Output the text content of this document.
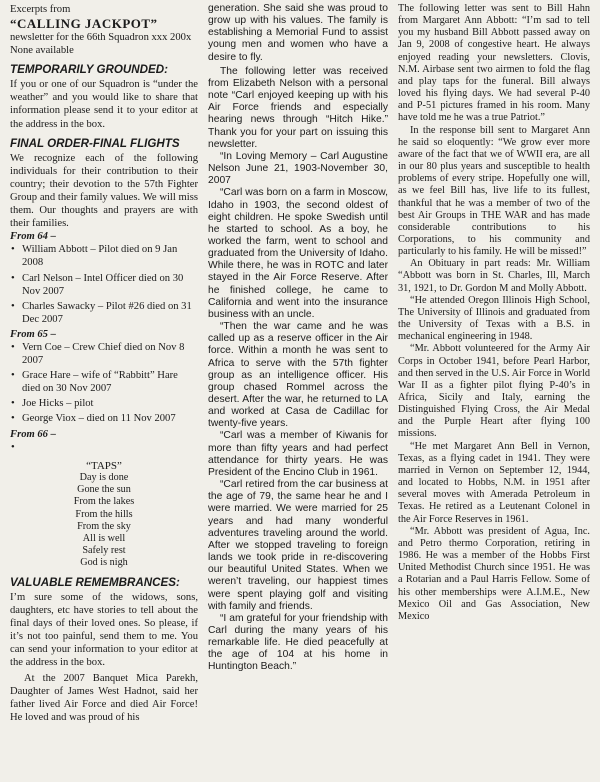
Excerpts from

“CALLING JACKPOT”

newsletter for the 66th Squadron xxx 200x

None available

TEMPORARILY GROUNDED:

If you or one of our Squadron is “under the weather” and you would like to share that information please send it to your editor at the address in the box.

FINAL ORDER-FINAL FLIGHTS

We recognize each of the following individuals for their contribution to their country; their devotion to the 57th Fighter Group and their family values. We will miss them. Our thoughts and prayers are with their families.

From 64 –

• William Abbott – Pilot died on 9 Jan 2008
• Carl Nelson – Intel Officer died on 30 Nov 2007
• Charles Sawacky – Pilot #26 died on 31 Dec 2007

From 65 –

• Vern Coe – Crew Chief died on Nov 8 2007
• Grace Hare – wife of “Rabbitt” Hare died on 30 Nov 2007
• Joe Hicks – pilot
• George Viox – died on 11 Nov 2007

From 66 –

•
“TAPS”
Day is done
Gone the sun
From the lakes
From the hills
From the sky
All is well
Safely rest
God is nigh
VALUABLE REMEMBRANCES:

I’m sure some of the widows, sons, daughters, etc have stories to tell about the final days of their loved ones. So please, if it’s not too painful, send them to me. You can send your information to your editor at the address in the box.

At the 2007 Banquet Mica Parekh, Daughter of James West Hadnot, said her father lived Air Force and died Air Force! He loved and was proud of his

generation. She said she was proud to grow up with his values. The family is establishing a Memorial Fund to assist young men and women who have a desire to fly.

The following letter was received from Elizabeth Nelson with a personal note “Carl enjoyed keeping up with his Air Force friends and especially hearing news through “Hitch Hike.” Thank you for your part on issuing this newsletter.

“In Loving Memory – Carl Augustine Nelson June 21, 1903-November 30, 2007

“Carl was born on a farm in Moscow, Idaho in 1903, the second oldest of eight children. He spoke Swedish until he started to school. As a boy, he worked the farm, went to school and graduated from the University of Idaho. While there, he was in ROTC and later stayed in the Air Force Reserve. After he finished college, he came to California and went into the insurance business with an uncle.

“Then the war came and he was called up as a reserve officer in the Air force. Within a month he was sent to Africa to serve with the 57th fighter group as an intelligence officer. His group chased Rommel across the desert. After the war, he returned to LA and worked at Casa de Cadillac for twenty-five years.

“Carl was a member of Kiwanis for more than fifty years and had perfect attendance for thirty years. He was President of the Encino Club in 1961.

“Carl retired from the car business at the age of 79, the same hear he and I were married. We were married for 25 years and had many wonderful adventures traveling around the world. After we stopped traveling to foreign lands we took pride in re-discovering our beautiful United States. When we weren’t traveling, our happiest times were spent playing golf and visiting with family and friends.

“I am grateful for your friendship with Carl during the many years of his remarkable life. He died peacefully at the age of 104 at his home in Huntington Beach.”

The following letter was sent to Bill Hahn from Margaret Ann Abbott: “I’m sad to tell you my husband Bill Abbott passed away on Jan 9, 2008 of congestive heart. He always enjoyed reading your newsletters. Clovis, N.M. Airbase sent two airmen to fold the flag and play taps for the funeral. Bill always loved his flying days. We had several P-40 and P-51 pictures framed in his room. Many have told me he was a true Patriot.”

In the response bill sent to Margaret Ann he said so eloquently: “We grow ever more aware of the fact that we of WWII era, are all in our 80 plus years and susceptible to health problems of every stripe. Hopefully one will, as we feel Bill has, live life to its fullest, thankful that he was a member of two of the best Air Groups in THE WAR and has made considerable contributions to his Corporations, to his community and particularly to his family. He will be missed!”

An Obituary in part reads: Mr. William “Abbott was born in St. Charles, Ill, March 31, 1921, to Dr. Gordon M and Molly Abbott.

“He attended Oregon Illinois High School, The University of Illinois and graduated from the University of Texas with a B.S. in mechanical engineering in 1948.

“Mr. Abbott volunteered for the Army Air Corps in October 1941, before Pearl Harbor, and then served in the U.S. Air Force in World War II as a fighter pilot flying P-40’s in Africa, Sicily and Italy, earning the Distinguished Flying Cross, the Air Medal and the Purple Heart after flying 100 missions.

“He met Margaret Ann Bell in Vernon, Texas, as a flying cadet in 1941. They were married in Vernon on September 12, 1944, and located to Hobbs, N.M. in 1951 after several moves with Amerada Petroleum in Texas. He retired as a Leutenant Colonel in the Air Force Reserves in 1961.

“Mr. Abbott was president of Agua, Inc. and Petro thermo Corporation, retiring in 1986. He was a member of the Hobbs First United Methodist Church since 1951. He was a Rotarian and a Paul Harris Fellow. Some of his other memberships were A.I.M.E., New Mexico Oil and Gas Association, New Mexico
